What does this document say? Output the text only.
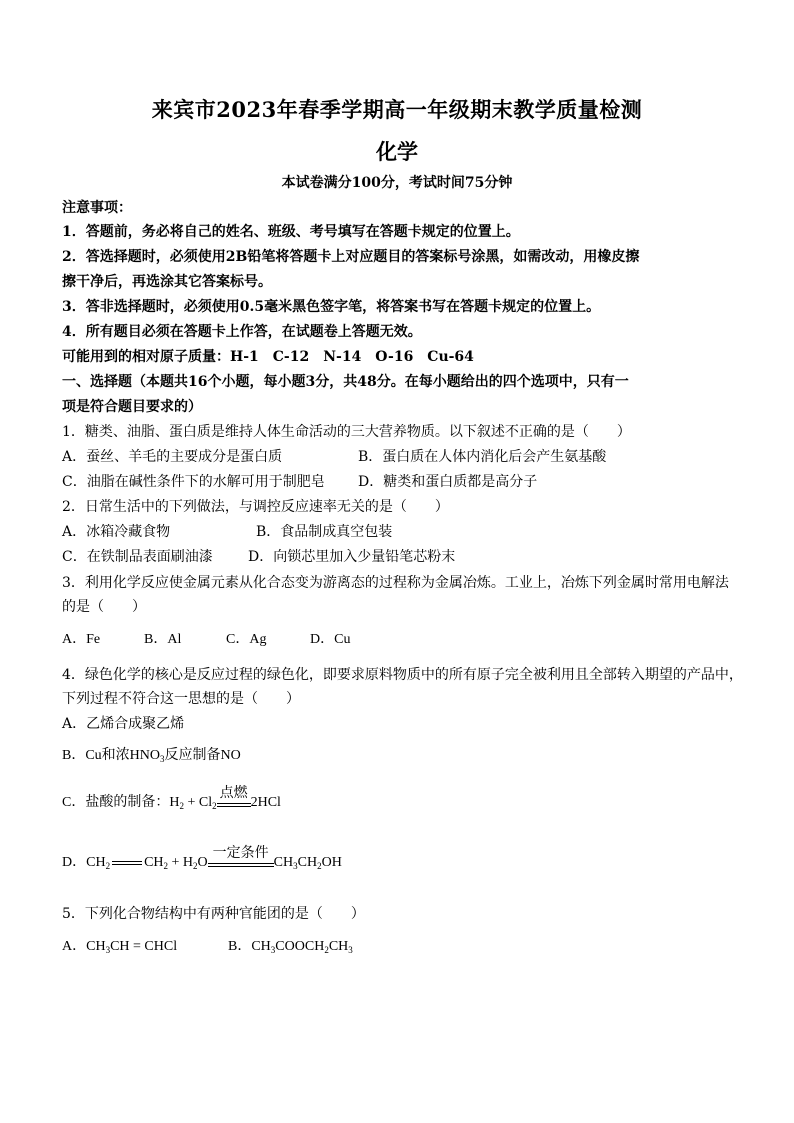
来宾市2023年春季学期高一年级期末教学质量检测
化学
本试卷满分100分，考试时间75分钟
注意事项：
1．答题前，务必将自己的姓名、班级、考号填写在答题卡规定的位置上。
2．答选择题时，必须使用2B铅笔将答题卡上对应题目的答案标号涂黑，如需改动，用橡皮擦
擦干净后，再选涂其它答案标号。
3．答非选择题时，必须使用0.5毫米黑色签字笔，将答案书写在答题卡规定的位置上。
4．所有题目必须在答题卡上作答，在试题卷上答题无效。
可能用到的相对原子质量：H-1　C-12　N-14　O-16　Cu-64
一、选择题（本题共16个小题，每小题3分，共48分。在每小题给出的四个选项中，只有一
项是符合题目要求的）
1．糖类、油脂、蛋白质是维持人体生命活动的三大营养物质。以下叙述不正确的是（　　）
A．蚕丝、羊毛的主要成分是蛋白质	B．蛋白质在人体内消化后会产生氨基酸
C．油脂在碱性条件下的水解可用于制肥皂 D．糖类和蛋白质都是高分子
2．日常生活中的下列做法，与调控反应速率无关的是（　　）
A．冰箱冷藏食物	B．食品制成真空包装
C．在铁制品表面刷油漆	D．向锁芯里加入少量铅笔芯粉末
3．利用化学反应使金属元素从化合态变为游离态的过程称为金属冶炼。工业上，冶炼下列金属时常用电解法
的是（　　）
A．Fe	B．Al	C．Ag	D．Cu
4．绿色化学的核心是反应过程的绿色化，即要求原料物质中的所有原子完全被利用且全部转入期望的产品中，
下列过程不符合这一思想的是（　　）
A．乙烯合成聚乙烯
B．Cu和浓$HNO_3$反应制备NO
C．盐酸的制备：$H_2 + Cl_2$
点燃
2HCl
D．$CH_2$ $CH_2 + H_2O$
一定条件
$CH_3CH_2OH$
5．下列化合物结构中有两种官能团的是（　　）
A．$CH_3CH$ = CHCl	B．$CH_3COOCH_2CH_3$
